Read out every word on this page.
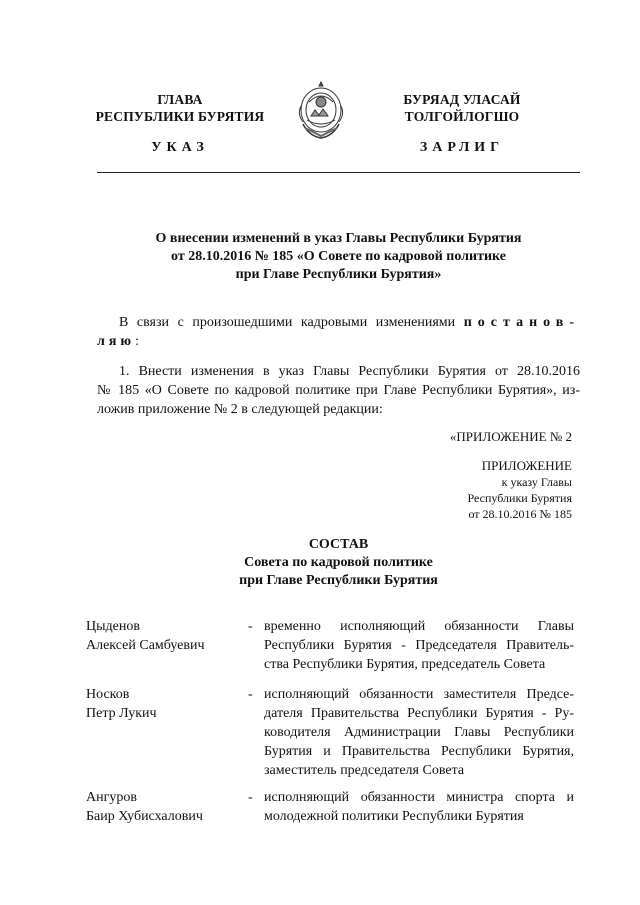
ГЛАВА
РЕСПУБЛИКИ БУРЯТИЯ
БУРЯАД УЛАСАЙ
ТОЛГОЙЛОГШО
УКАЗ	ЗАРЛИГ
О внесении изменений в указ Главы Республики Бурятия
от 28.10.2016 № 185 «О Совете по кадровой политике
при Главе Республики Бурятия»
В связи с произошедшими кадровыми изменениями постанов-
ляю:
1. Внести изменения в указ Главы Республики Бурятия от 28.10.2016
№ 185 «О Совете по кадровой политике при Главе Республики Бурятия», из-
ложив приложение № 2 в следующей редакции:
«ПРИЛОЖЕНИЕ № 2
ПРИЛОЖЕНИЕ
к указу Главы
Республики Бурятия
от 28.10.2016 № 185
СОСТАВ
Совета по кадровой политике
при Главе Республики Бурятия
Цыденов
Алексей Самбуевич
- временно исполняющий обязанности Главы
Республики Бурятия - Председателя Правитель-
ства Республики Бурятия, председатель Совета
Носков
Петр Лукич
- исполняющий обязанности заместителя Предсе-
дателя Правительства Республики Бурятия - Ру-
ководителя Администрации Главы Республики
Бурятия и Правительства Республики Бурятия,
заместитель председателя Совета
Ангуров
Баир Хубисхалович
- исполняющий обязанности министра спорта и
молодежной политики Республики Бурятия
